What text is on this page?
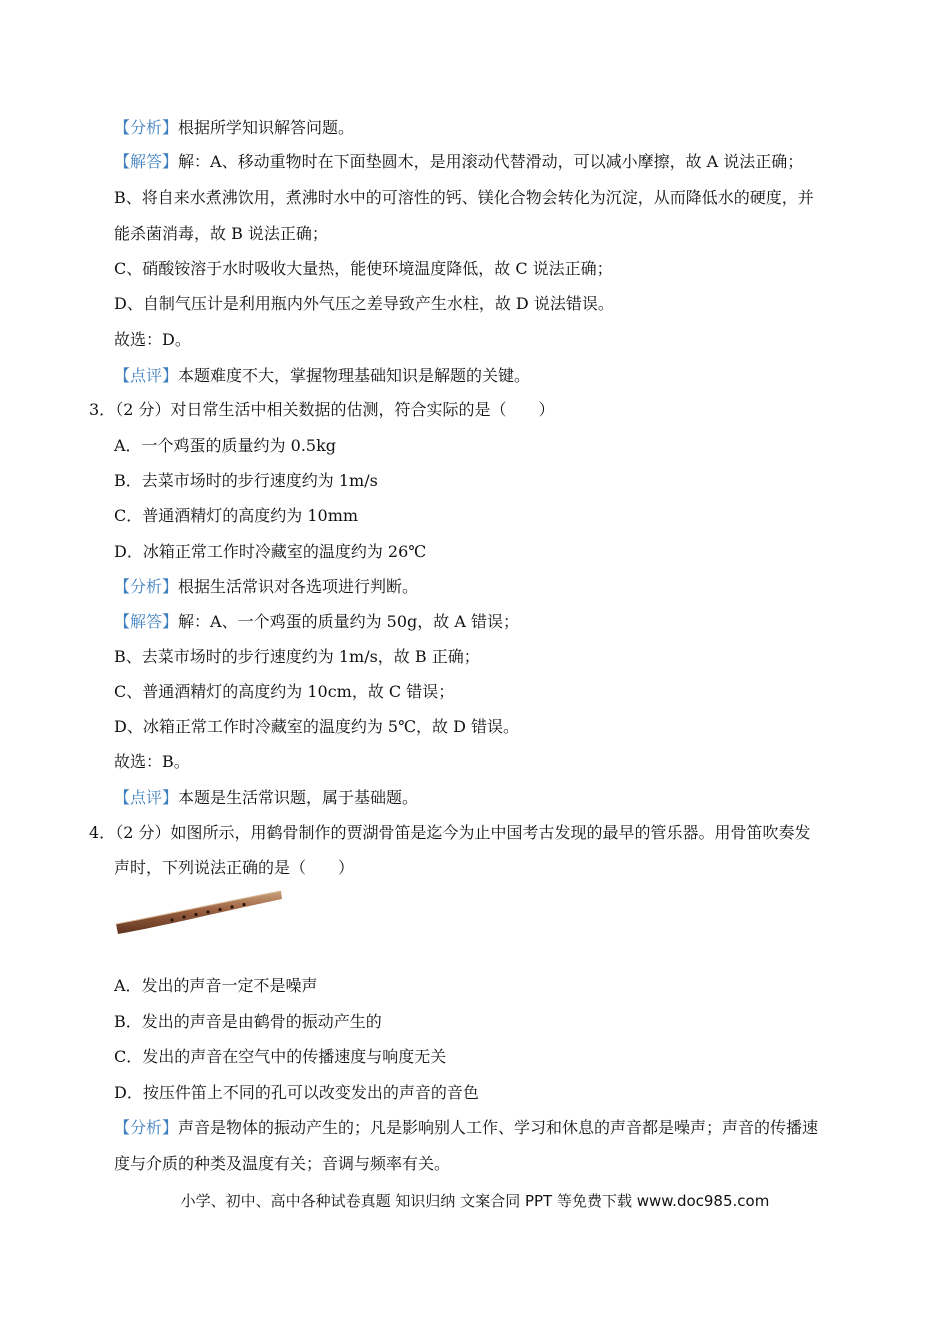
【分析】根据所学知识解答问题。
【解答】解：A、移动重物时在下面垫圆木，是用滚动代替滑动，可以减小摩擦，故 A 说法正确；
B、将自来水煮沸饮用，煮沸时水中的可溶性的钙、镁化合物会转化为沉淀，从而降低水的硬度，并
能杀菌消毒，故 B 说法正确；
C、硝酸铵溶于水时吸收大量热，能使环境温度降低，故 C 说法正确；
D、自制气压计是利用瓶内外气压之差导致产生水柱，故 D 说法错误。
故选：D。
【点评】本题难度不大，掌握物理基础知识是解题的关键。
3．（2 分）对日常生活中相关数据的估测，符合实际的是（　　）
A．一个鸡蛋的质量约为 0.5kg
B．去菜市场时的步行速度约为 1m/s
C．普通酒精灯的高度约为 10mm
D．冰箱正常工作时冷藏室的温度约为 26℃
【分析】根据生活常识对各选项进行判断。
【解答】解：A、一个鸡蛋的质量约为 50g，故 A 错误；
B、去菜市场时的步行速度约为 1m/s，故 B 正确；
C、普通酒精灯的高度约为 10cm，故 C 错误；
D、冰箱正常工作时冷藏室的温度约为 5℃，故 D 错误。
故选：B。
【点评】本题是生活常识题，属于基础题。
4．（2 分）如图所示，用鹤骨制作的贾湖骨笛是迄今为止中国考古发现的最早的管乐器。用骨笛吹奏发
声时，下列说法正确的是（　　）
A．发出的声音一定不是噪声
B．发出的声音是由鹤骨的振动产生的
C．发出的声音在空气中的传播速度与响度无关
D．按压件笛上不同的孔可以改变发出的声音的音色
【分析】声音是物体的振动产生的；凡是影响别人工作、学习和休息的声音都是噪声；声音的传播速
度与介质的种类及温度有关；音调与频率有关。
小学、初中、高中各种试卷真题 知识归纳 文案合同 PPT 等免费下载 www.doc985.com
